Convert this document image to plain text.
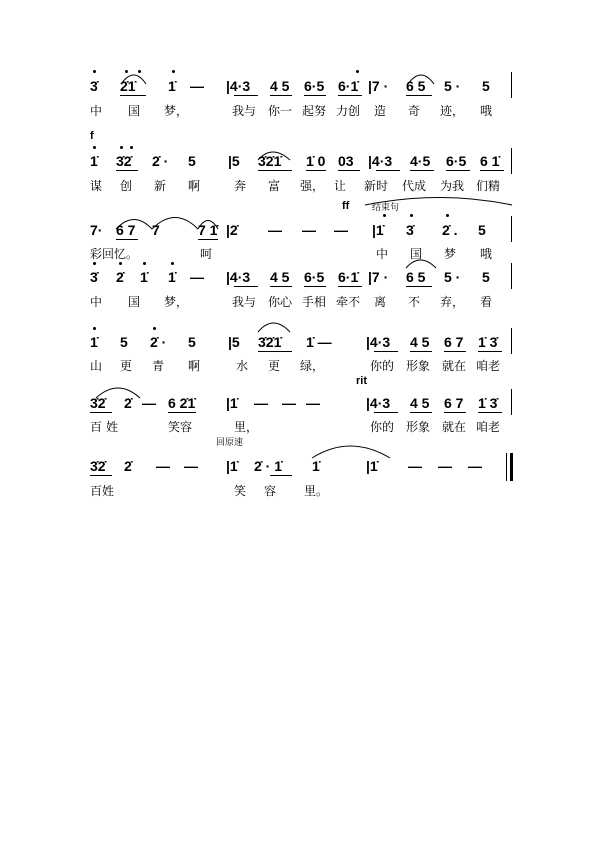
3̇ 2̇1̇ 1̇ — |4·3 4 5 6·5 6·1̇ |7 · 6 5 5 · 5
中 国 梦，	我与 你一 起努 力创 造 奇 迹， 哦
f
1̇ 3̇2̇ 2̇ · 5 |5 3̇2̇1̇ 1̇ 0 03 |4·3 4·5 6·5 6 1̇
谋 创 新 啊	奔 富 强， 让 新时 代成 为我 们精
ff	结束句
7· 6 7 7	7 1̇ |2̇ — — — |1̇ 3̇ 2̇ . 5
彩回忆。	呵	中 国 梦 哦
3̇ 2̇ 1̇ 1̇ — |4·3 4 5 6·5 6·1̇ |7 · 6 5 5 · 5
中 国 梦，	我与 你心 手相 牵不 离 不 弃， 看
1̇ 5 2̇ · 5 |5 3̇2̇1̇ 1̇ — |4·3 4 5 6 7 1̇ 3̇
山 更 青 啊	水 更 绿，	你的 形象 就在 咱老
rit
3̇2̇ 2̇ — 6 2̇1̇ |1̇ — — —	|4·3 4 5 6 7 1̇ 3̇
百 姓	笑容	里，	你的 形象 就在 咱老
回原速
3̇2̇ 2̇ — — |1̇ 2̇ · 1̇ 1̇	|1̇ — — —
百姓	笑 容 里。
